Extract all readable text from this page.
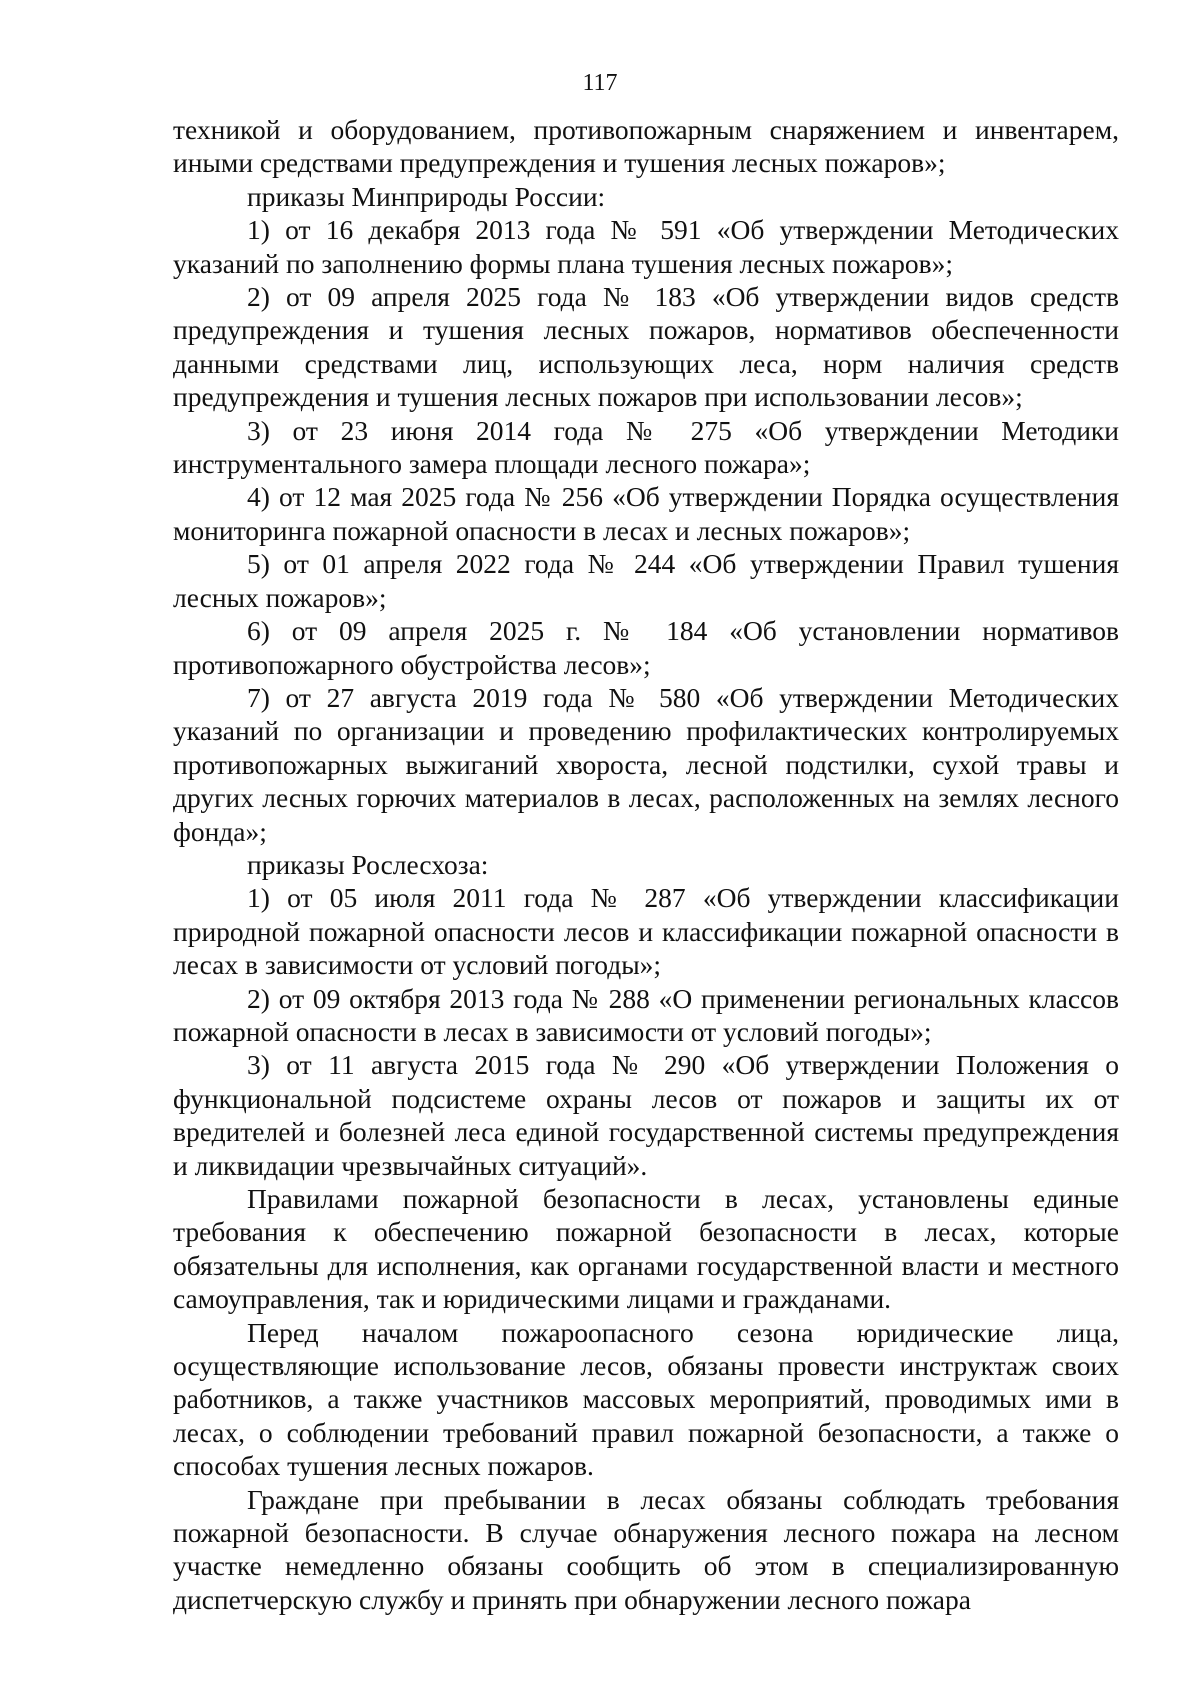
117

техникой и оборудованием, противопожарным снаряжением и инвентарем, иными средствами предупреждения и тушения лесных пожаров»;

приказы Минприроды России:

1) от 16 декабря 2013 года № 591 «Об утверждении Методических указаний по заполнению формы плана тушения лесных пожаров»;

2) от 09 апреля 2025 года № 183 «Об утверждении видов средств предупреждения и тушения лесных пожаров, нормативов обеспеченности данными средствами лиц, использующих леса, норм наличия средств предупреждения и тушения лесных пожаров при использовании лесов»;

3) от 23 июня 2014 года № 275 «Об утверждении Методики инструментального замера площади лесного пожара»;

4) от 12 мая 2025 года № 256 «Об утверждении Порядка осуществления мониторинга пожарной опасности в лесах и лесных пожаров»;

5) от 01 апреля 2022 года № 244 «Об утверждении Правил тушения лесных пожаров»;

6) от 09 апреля 2025 г. № 184 «Об установлении нормативов противопожарного обустройства лесов»;

7) от 27 августа 2019 года № 580 «Об утверждении Методических указаний по организации и проведению профилактических контролируемых противопожарных выжиганий хвороста, лесной подстилки, сухой травы и других лесных горючих материалов в лесах, расположенных на землях лесного фонда»;

приказы Рослесхоза:

1) от 05 июля 2011 года № 287 «Об утверждении классификации природной пожарной опасности лесов и классификации пожарной опасности в лесах в зависимости от условий погоды»;

2) от 09 октября 2013 года № 288 «О применении региональных классов пожарной опасности в лесах в зависимости от условий погоды»;

3) от 11 августа 2015 года № 290 «Об утверждении Положения о функциональной подсистеме охраны лесов от пожаров и защиты их от вредителей и болезней леса единой государственной системы предупреждения и ликвидации чрезвычайных ситуаций».

Правилами пожарной безопасности в лесах, установлены единые требования к обеспечению пожарной безопасности в лесах, которые обязательны для исполнения, как органами государственной власти и местного самоуправления, так и юридическими лицами и гражданами.

Перед началом пожароопасного сезона юридические лица, осуществляющие использование лесов, обязаны провести инструктаж своих работников, а также участников массовых мероприятий, проводимых ими в лесах, о соблюдении требований правил пожарной безопасности, а также о способах тушения лесных пожаров.

Граждане при пребывании в лесах обязаны соблюдать требования пожарной безопасности. В случае обнаружения лесного пожара на лесном участке немедленно обязаны сообщить об этом в специализированную диспетчерскую службу и принять при обнаружении лесного пожара
